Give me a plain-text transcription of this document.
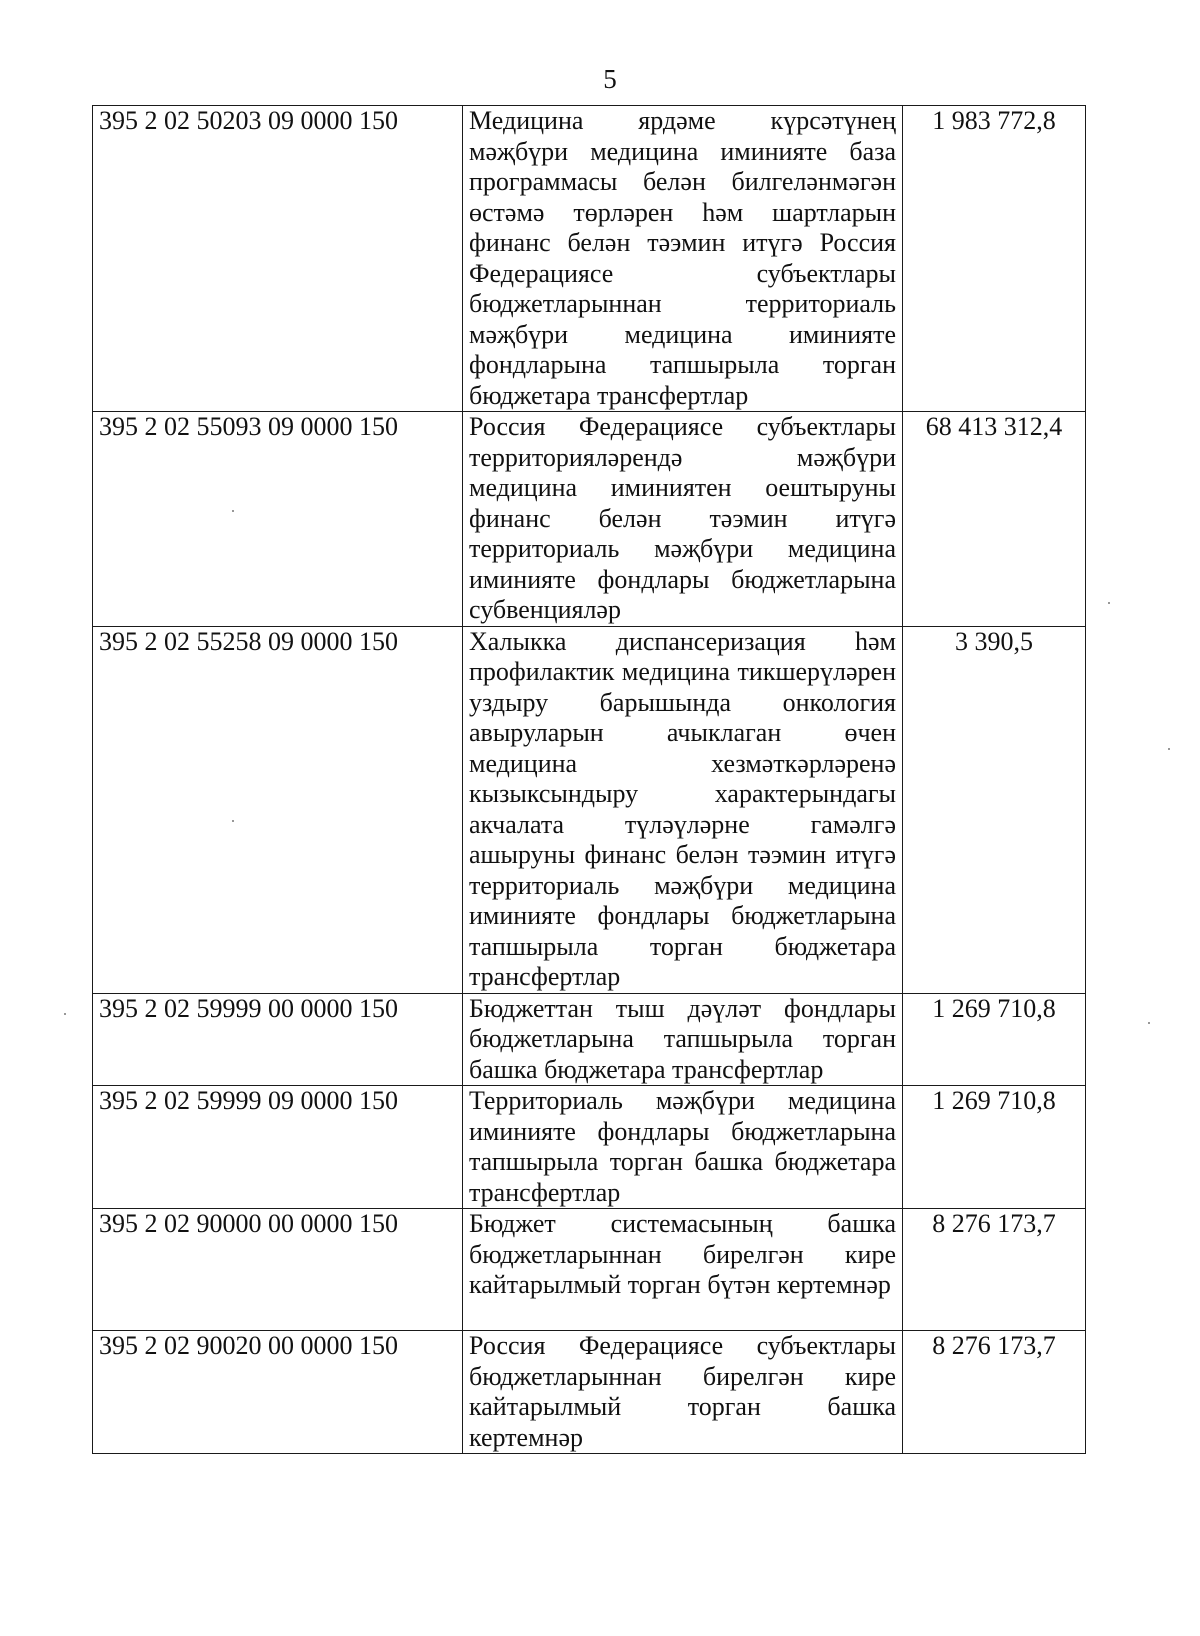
5
395 2 02 50203 09 0000 150	Медицина ярдәме күрсәтүнең мәҗбүри медицина иминияте база программасы белән билгеләнмәгән өстәмә төрләрен һәм шартларын финанс белән тәэмин итүгә Россия Федерациясе субъектлары бюджетларыннан территориаль мәҗбүри медицина иминияте фондларына тапшырыла торган бюджетара трансфертлар	1 983 772,8
395 2 02 55093 09 0000 150	Россия Федерациясе субъектлары территорияләрендә мәҗбүри медицина иминиятен оештыруны финанс белән тәэмин итүгә территориаль мәҗбүри медицина иминияте фондлары бюджетларына субвенцияләр	68 413 312,4
395 2 02 55258 09 0000 150	Халыкка диспансеризация һәм профилактик медицина тикшерүләрен уздыру барышында онкология авыруларын ачыклаган өчен медицина хезмәткәрләренә кызыксындыру характерындагы акчалата түләүләрне гамәлгә ашыруны финанс белән тәэмин итүгә территориаль мәҗбүри медицина иминияте фондлары бюджетларына тапшырыла торган бюджетара трансфертлар	3 390,5
395 2 02 59999 00 0000 150	Бюджеттан тыш дәүләт фондлары бюджетларына тапшырыла торган башка бюджетара трансфертлар	1 269 710,8
395 2 02 59999 09 0000 150	Территориаль мәҗбүри медицина иминияте фондлары бюджетларына тапшырыла торган башка бюджетара трансфертлар	1 269 710,8
395 2 02 90000 00 0000 150	Бюджет системасының башка бюджетларыннан бирелгән кире кайтарылмый торган бүтән кертемнәр	8 276 173,7
395 2 02 90020 00 0000 150	Россия Федерациясе субъектлары бюджетларыннан бирелгән кире кайтарылмый торган башка кертемнәр	8 276 173,7
